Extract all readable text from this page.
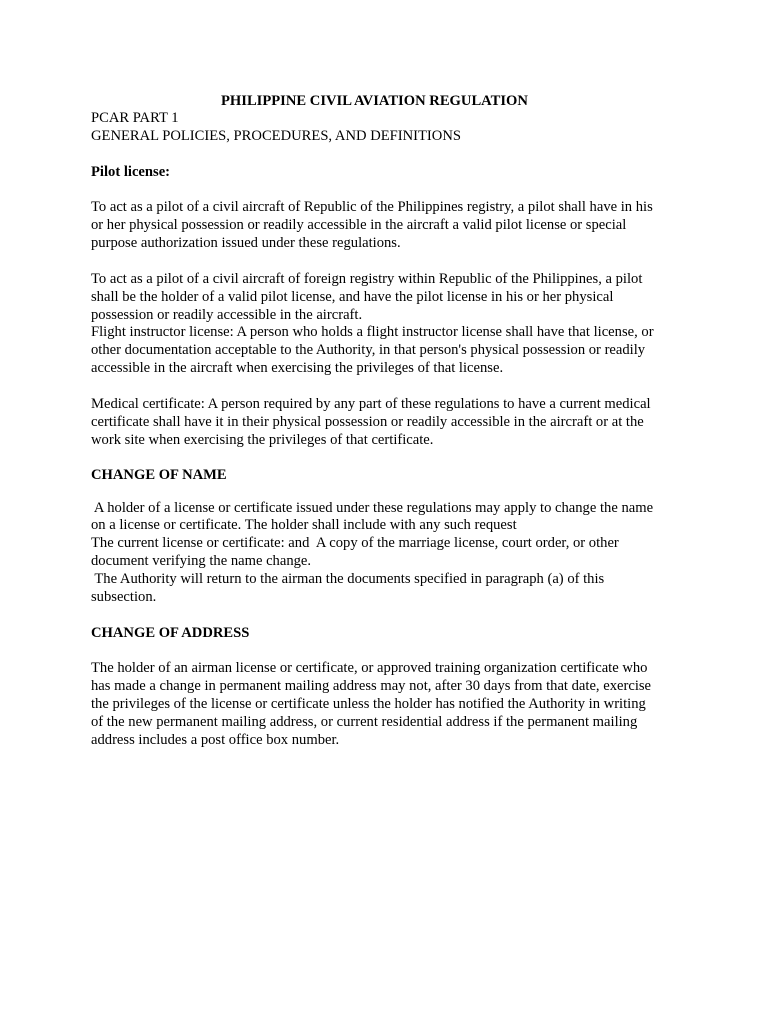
PHILIPPINE CIVIL AVIATION REGULATION
PCAR PART 1
GENERAL POLICIES, PROCEDURES, AND DEFINITIONS
Pilot license:
To act as a pilot of a civil aircraft of Republic of the Philippines registry, a pilot shall have in his
or her physical possession or readily accessible in the aircraft a valid pilot license or special
purpose authorization issued under these regulations.
To act as a pilot of a civil aircraft of foreign registry within Republic of the Philippines, a pilot
shall be the holder of a valid pilot license, and have the pilot license in his or her physical
possession or readily accessible in the aircraft.
Flight instructor license: A person who holds a flight instructor license shall have that license, or
other documentation acceptable to the Authority, in that person's physical possession or readily
accessible in the aircraft when exercising the privileges of that license.
Medical certificate: A person required by any part of these regulations to have a current medical
certificate shall have it in their physical possession or readily accessible in the aircraft or at the
work site when exercising the privileges of that certificate.
CHANGE OF NAME
A holder of a license or certificate issued under these regulations may apply to change the name
on a license or certificate. The holder shall include with any such request
The current license or certificate: and  A copy of the marriage license, court order, or other
document verifying the name change.
The Authority will return to the airman the documents specified in paragraph (a) of this
subsection.
CHANGE OF ADDRESS
The holder of an airman license or certificate, or approved training organization certificate who
has made a change in permanent mailing address may not, after 30 days from that date, exercise
the privileges of the license or certificate unless the holder has notified the Authority in writing
of the new permanent mailing address, or current residential address if the permanent mailing
address includes a post office box number.
